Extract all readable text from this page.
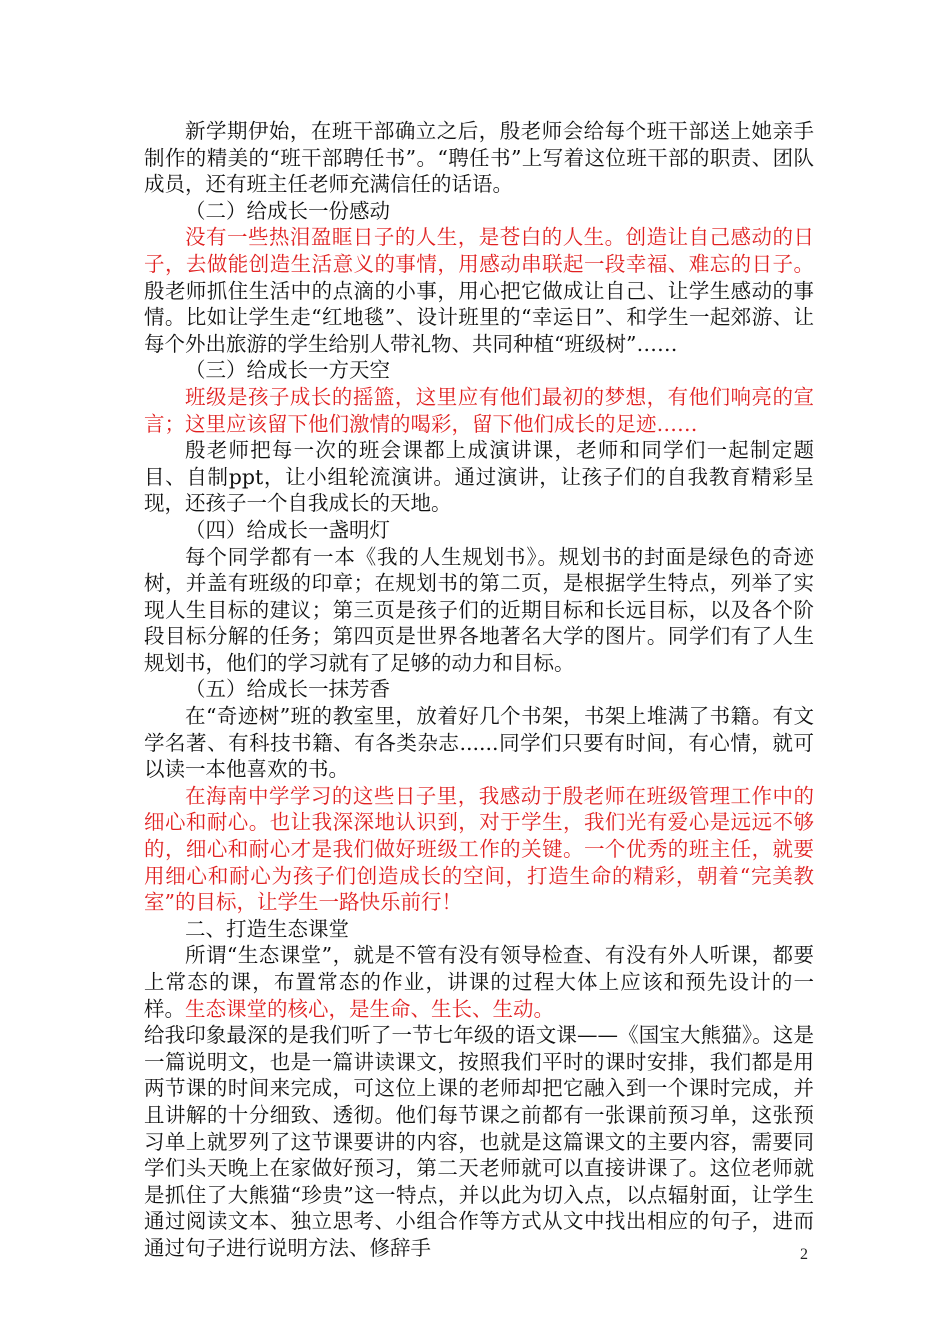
新学期伊始，在班干部确立之后，殷老师会给每个班干部送上她亲手制作的精美的“班干部聘任书”。“聘任书”上写着这位班干部的职责、团队成员，还有班主任老师充满信任的话语。

（二）给成长一份感动

没有一些热泪盈眶日子的人生，是苍白的人生。创造让自己感动的日子，去做能创造生活意义的事情，用感动串联起一段幸福、难忘的日子。殷老师抓住生活中的点滴的小事，用心把它做成让自己、让学生感动的事情。比如让学生走“红地毯”、设计班里的“幸运日”、和学生一起郊游、让每个外出旅游的学生给别人带礼物、共同种植“班级树”……

（三）给成长一方天空

班级是孩子成长的摇篮，这里应有他们最初的梦想，有他们响亮的宣言；这里应该留下他们激情的喝彩，留下他们成长的足迹……

殷老师把每一次的班会课都上成演讲课，老师和同学们一起制定题目、自制ppt，让小组轮流演讲。通过演讲，让孩子们的自我教育精彩呈现，还孩子一个自我成长的天地。

（四）给成长一盏明灯

每个同学都有一本《我的人生规划书》。规划书的封面是绿色的奇迹树，并盖有班级的印章；在规划书的第二页，是根据学生特点，列举了实现人生目标的建议；第三页是孩子们的近期目标和长远目标，以及各个阶段目标分解的任务；第四页是世界各地著名大学的图片。同学们有了人生规划书，他们的学习就有了足够的动力和目标。

（五）给成长一抹芳香

在“奇迹树”班的教室里，放着好几个书架，书架上堆满了书籍。有文学名著、有科技书籍、有各类杂志......同学们只要有时间，有心情，就可以读一本他喜欢的书。

在海南中学学习的这些日子里，我感动于殷老师在班级管理工作中的细心和耐心。也让我深深地认识到，对于学生，我们光有爱心是远远不够的，细心和耐心才是我们做好班级工作的关键。一个优秀的班主任，就要用细心和耐心为孩子们创造成长的空间，打造生命的精彩，朝着“完美教室”的目标，让学生一路快乐前行！

二、打造生态课堂

所谓“生态课堂”，就是不管有没有领导检查、有没有外人听课，都要上常态的课，布置常态的作业，讲课的过程大体上应该和预先设计的一样。生态课堂的核心，是生命、生长、生动。

给我印象最深的是我们听了一节七年级的语文课——《国宝大熊猫》。这是一篇说明文，也是一篇讲读课文，按照我们平时的课时安排，我们都是用两节课的时间来完成，可这位上课的老师却把它融入到一个课时完成，并且讲解的十分细致、透彻。他们每节课之前都有一张课前预习单，这张预习单上就罗列了这节课要讲的内容，也就是这篇课文的主要内容，需要同学们头天晚上在家做好预习，第二天老师就可以直接讲课了。这位老师就是抓住了大熊猫“珍贵”这一特点，并以此为切入点，以点辐射面，让学生通过阅读文本、独立思考、小组合作等方式从文中找出相应的句子，进而通过句子进行说明方法、修辞手	2
